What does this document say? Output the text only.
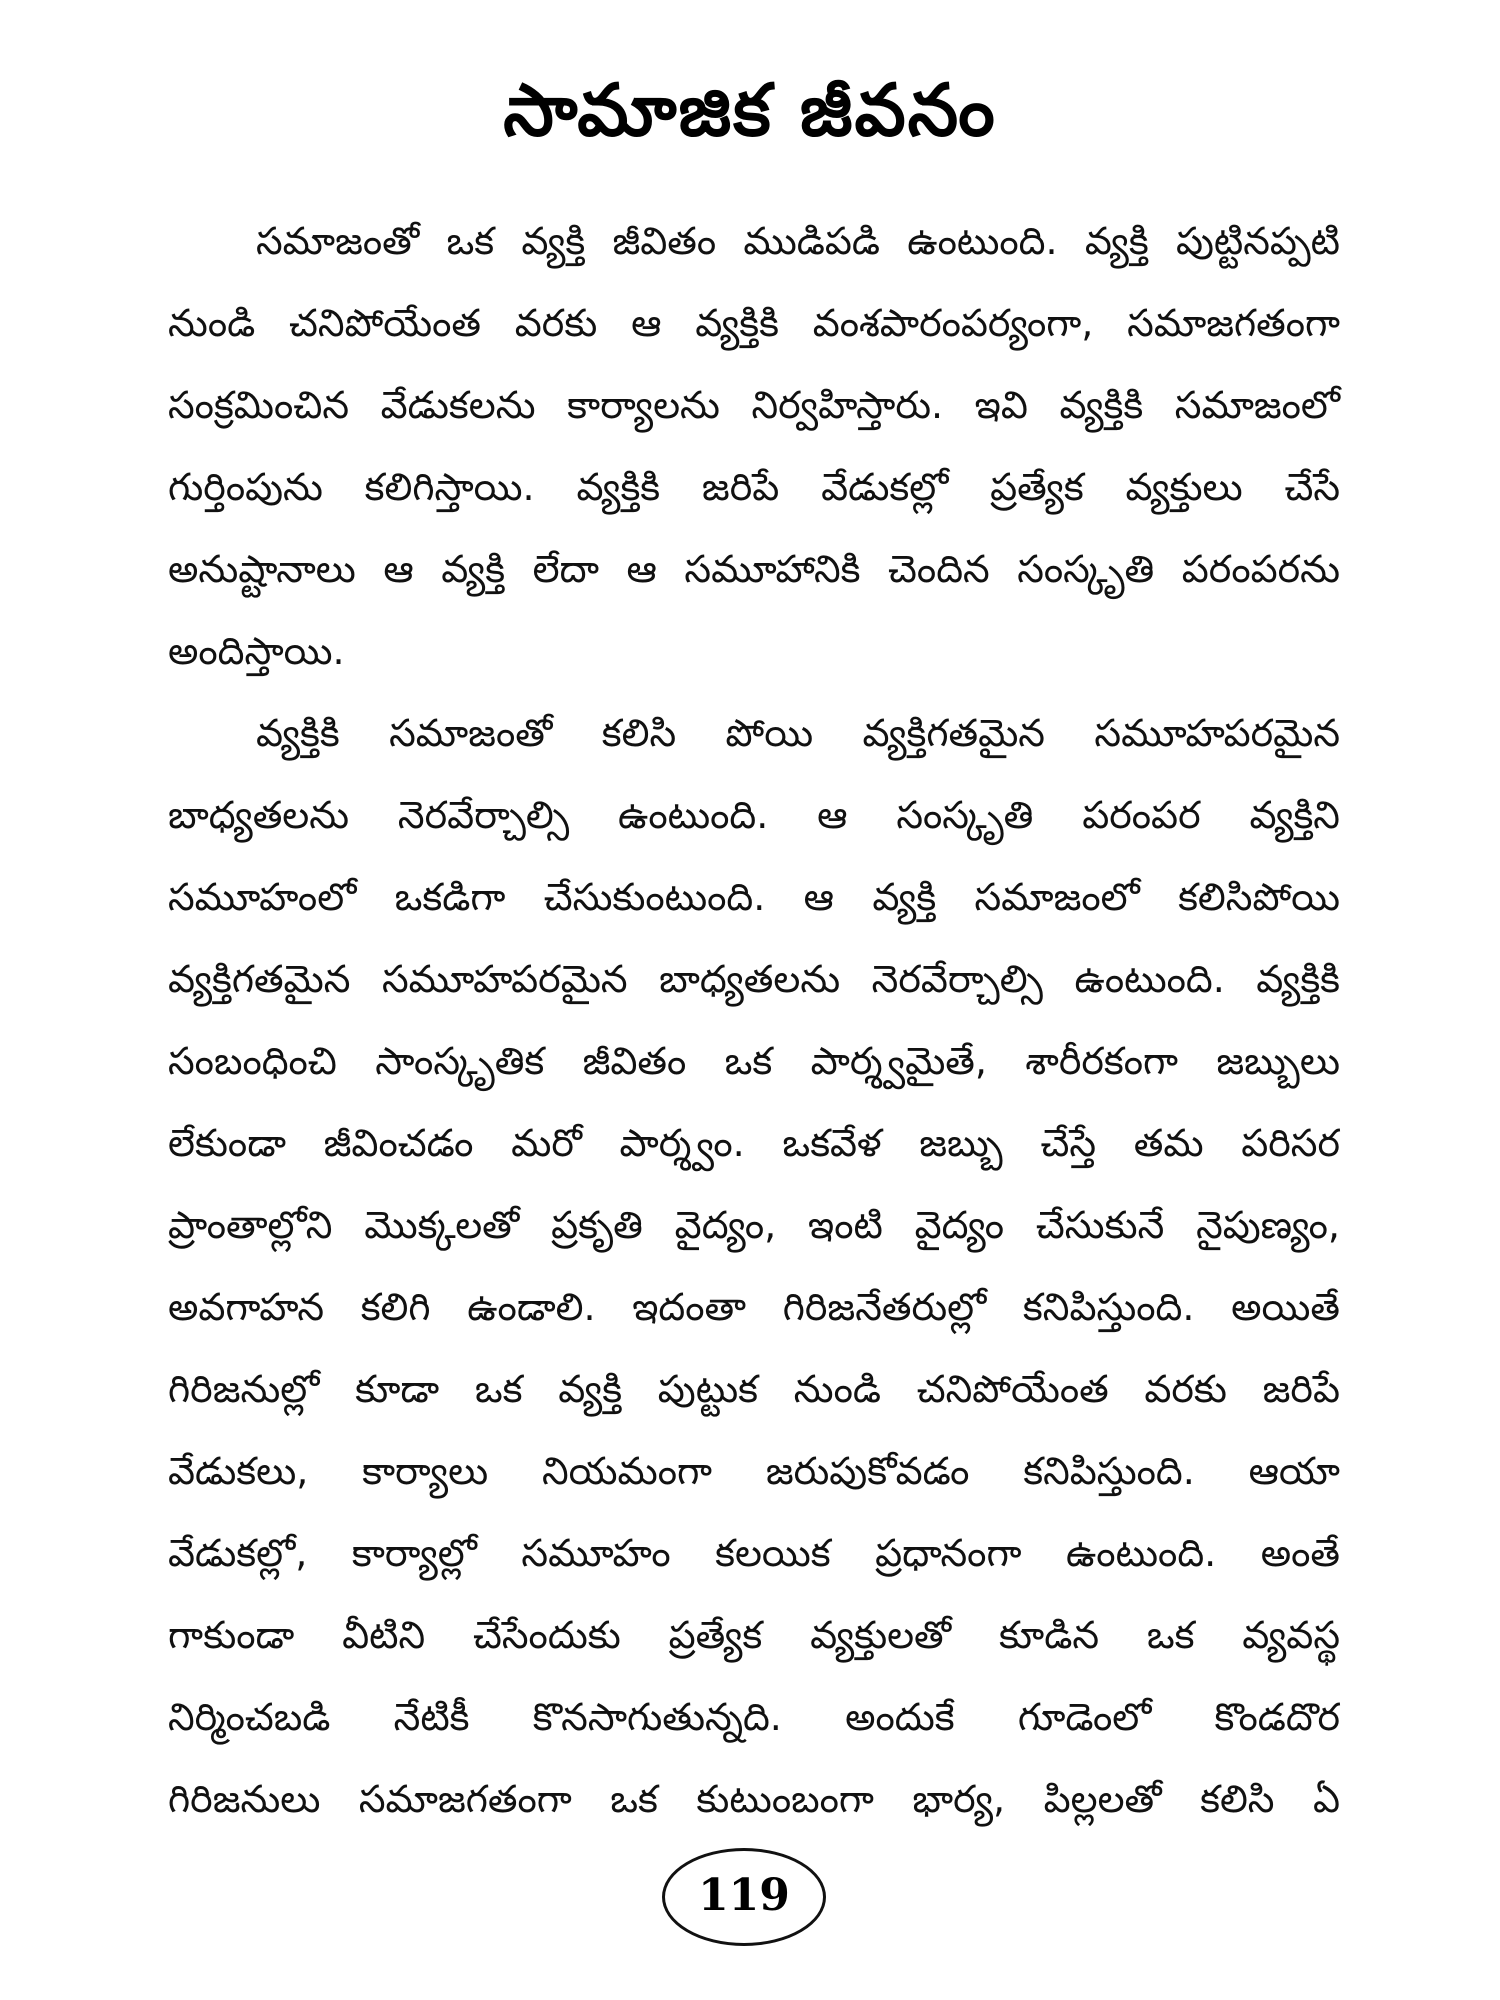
సామాజిక జీవనం
సమాజంతో ఒక వ్యక్తి జీవితం ముడిపడి ఉంటుంది. వ్యక్తి పుట్టినప్పటి
నుండి చనిపోయేంత వరకు ఆ వ్యక్తికి వంశపారంపర్యంగా, సమాజగతంగా
సంక్రమించిన వేడుకలను కార్యాలను నిర్వహిస్తారు. ఇవి వ్యక్తికి సమాజంలో
గుర్తింపును కలిగిస్తాయి. వ్యక్తికి జరిపే వేడుకల్లో ప్రత్యేక వ్యక్తులు చేసే
అనుష్టానాలు ఆ వ్యక్తి లేదా ఆ సమూహానికి చెందిన సంస్కృతి పరంపరను
అందిస్తాయి.
వ్యక్తికి సమాజంతో కలిసి పోయి వ్యక్తిగతమైన సమూహపరమైన
బాధ్యతలను నెరవేర్చాల్సి ఉంటుంది. ఆ సంస్కృతి పరంపర వ్యక్తిని
సమూహంలో ఒకడిగా చేసుకుంటుంది. ఆ వ్యక్తి సమాజంలో కలిసిపోయి
వ్యక్తిగతమైన సమూహపరమైన బాధ్యతలను నెరవేర్చాల్సి ఉంటుంది. వ్యక్తికి
సంబంధించి సాంస్కృతిక జీవితం ఒక పార్శ్వమైతే, శారీరకంగా జబ్బులు
లేకుండా జీవించడం మరో పార్శ్వం. ఒకవేళ జబ్బు చేస్తే తమ పరిసర
ప్రాంతాల్లోని మొక్కలతో ప్రకృతి వైద్యం, ఇంటి వైద్యం చేసుకునే నైపుణ్యం,
అవగాహన కలిగి ఉండాలి. ఇదంతా గిరిజనేతరుల్లో కనిపిస్తుంది. అయితే
గిరిజనుల్లో కూడా ఒక వ్యక్తి పుట్టుక నుండి చనిపోయేంత వరకు జరిపే
వేడుకలు, కార్యాలు నియమంగా జరుపుకోవడం కనిపిస్తుంది. ఆయా
వేడుకల్లో, కార్యాల్లో సమూహం కలయిక ప్రధానంగా ఉంటుంది. అంతే
గాకుండా వీటిని చేసేందుకు ప్రత్యేక వ్యక్తులతో కూడిన ఒక వ్యవస్థ
నిర్మించబడి నేటికీ కొనసాగుతున్నది. అందుకే గూడెంలో కొండదొర
గిరిజనులు సమాజగతంగా ఒక కుటుంబంగా భార్య, పిల్లలతో కలిసి ఏ
119
